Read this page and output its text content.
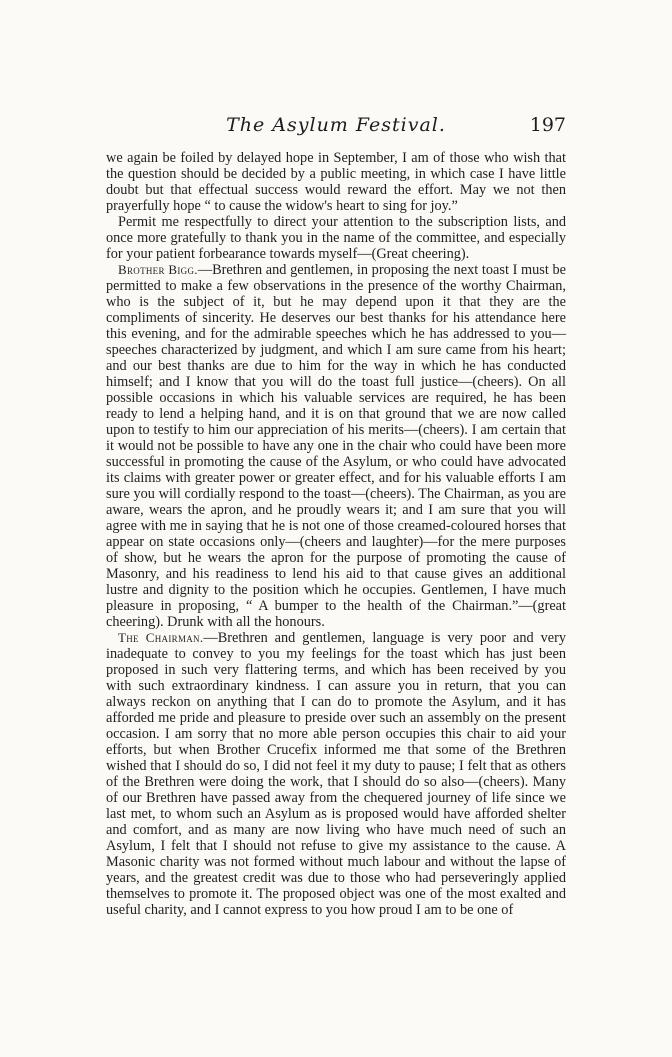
The Asylum Festival.	197

we again be foiled by delayed hope in September, I am of those who wish that the question should be decided by a public meeting, in which case I have little doubt but that effectual success would reward the effort. May we not then prayerfully hope “ to cause the widow's heart to sing for joy.”

Permit me respectfully to direct your attention to the subscription lists, and once more gratefully to thank you in the name of the committee, and especially for your patient forbearance towards myself—(Great cheering).

Brother Bigg.—Brethren and gentlemen, in proposing the next toast I must be permitted to make a few observations in the presence of the worthy Chairman, who is the subject of it, but he may depend upon it that they are the compliments of sincerity. He deserves our best thanks for his attendance here this evening, and for the admirable speeches which he has addressed to you—speeches characterized by judgment, and which I am sure came from his heart; and our best thanks are due to him for the way in which he has conducted himself; and I know that you will do the toast full justice—(cheers). On all possible occasions in which his valuable services are required, he has been ready to lend a helping hand, and it is on that ground that we are now called upon to testify to him our appreciation of his merits—(cheers). I am certain that it would not be possible to have any one in the chair who could have been more successful in promoting the cause of the Asylum, or who could have advocated its claims with greater power or greater effect, and for his valuable efforts I am sure you will cordially respond to the toast—(cheers). The Chairman, as you are aware, wears the apron, and he proudly wears it; and I am sure that you will agree with me in saying that he is not one of those creamed-coloured horses that appear on state occasions only—(cheers and laughter)—for the mere purposes of show, but he wears the apron for the purpose of promoting the cause of Masonry, and his readiness to lend his aid to that cause gives an additional lustre and dignity to the position which he occupies. Gentlemen, I have much pleasure in proposing, “ A bumper to the health of the Chairman.”—(great cheering). Drunk with all the honours.

The Chairman.—Brethren and gentlemen, language is very poor and very inadequate to convey to you my feelings for the toast which has just been proposed in such very flattering terms, and which has been received by you with such extraordinary kindness. I can assure you in return, that you can always reckon on anything that I can do to promote the Asylum, and it has afforded me pride and pleasure to preside over such an assembly on the present occasion. I am sorry that no more able person occupies this chair to aid your efforts, but when Brother Crucefix informed me that some of the Brethren wished that I should do so, I did not feel it my duty to pause; I felt that as others of the Brethren were doing the work, that I should do so also—(cheers). Many of our Brethren have passed away from the chequered journey of life since we last met, to whom such an Asylum as is proposed would have afforded shelter and comfort, and as many are now living who have much need of such an Asylum, I felt that I should not refuse to give my assistance to the cause. A Masonic charity was not formed without much labour and without the lapse of years, and the greatest credit was due to those who had perseveringly applied themselves to promote it. The proposed object was one of the most exalted and useful charity, and I cannot express to you how proud I am to be one of
